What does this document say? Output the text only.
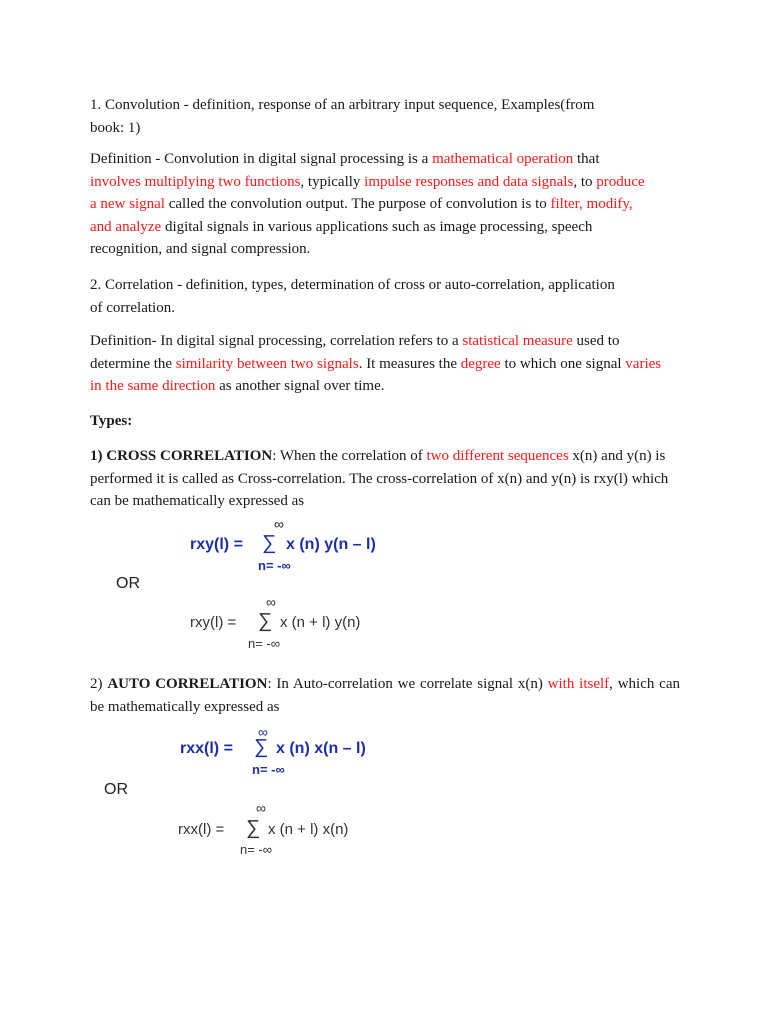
1. Convolution - definition, response of an arbitrary input sequence, Examples(from
book: 1)

Definition - Convolution in digital signal processing is a mathematical operation that involves multiplying two functions, typically impulse responses and data signals, to produce a new signal called the convolution output. The purpose of convolution is to filter, modify, and analyze digital signals in various applications such as image processing, speech recognition, and signal compression.

2. Correlation - definition, types, determination of cross or auto-correlation, application
of correlation.

Definition- In digital signal processing, correlation refers to a statistical measure used to determine the similarity between two signals. It measures the degree to which one signal varies in the same direction as another signal over time.

Types:

1) CROSS CORRELATION: When the correlation of two different sequences x(n) and y(n) is performed it is called as Cross-correlation. The cross-correlation of x(n) and y(n) is rxy(l) which can be mathematically expressed as

∞
rxy(l) = ∑ x (n) y(n – l)
n= -∞
OR
∞
rxy(l) = ∑ x (n + l) y(n)
n= -∞

2) AUTO CORRELATION: In Auto-correlation we correlate signal x(n) with itself, which can be mathematically expressed as

∞
rxx(l) = ∑ x (n) x(n – l)
n= -∞
OR
∞
rxx(l) = ∑ x (n + l) x(n)
n= -∞
